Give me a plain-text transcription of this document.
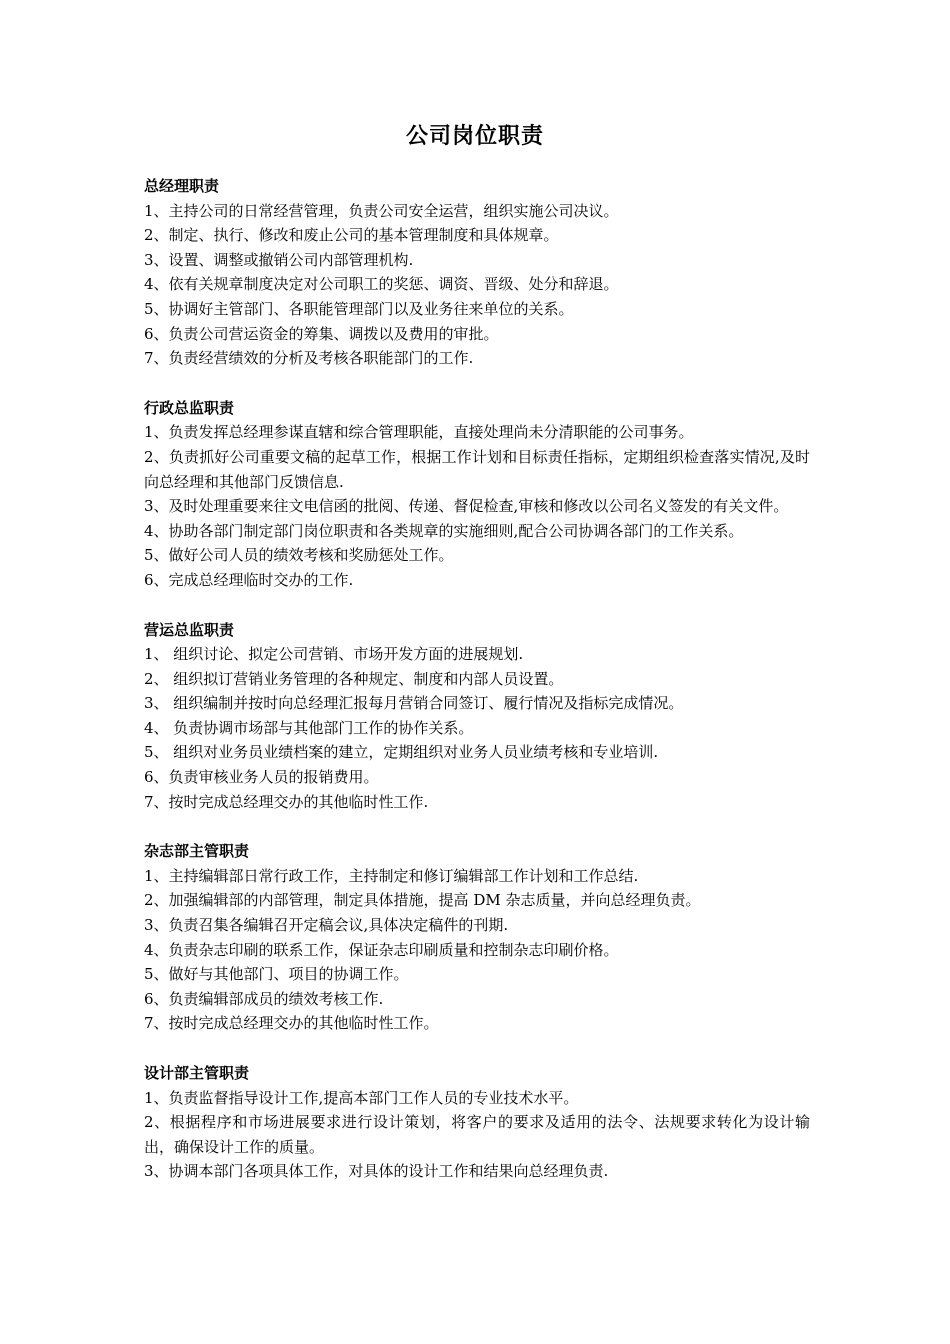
公司岗位职责

总经理职责

1、主持公司的日常经营管理，负责公司安全运营，组织实施公司决议。

2、制定、执行、修改和废止公司的基本管理制度和具体规章。

3、设置、调整或撤销公司内部管理机构.

4、依有关规章制度决定对公司职工的奖惩、调资、晋级、处分和辞退。

5、协调好主管部门、各职能管理部门以及业务往来单位的关系。

6、负责公司营运资金的筹集、调拨以及费用的审批。

7、负责经营绩效的分析及考核各职能部门的工作.

行政总监职责

1、负责发挥总经理参谋直辖和综合管理职能，直接处理尚未分清职能的公司事务。

2、负责抓好公司重要文稿的起草工作，根据工作计划和目标责任指标，定期组织检查落实情况,及时向总经理和其他部门反馈信息.

3、及时处理重要来往文电信函的批阅、传递、督促检查,审核和修改以公司名义签发的有关文件。

4、协助各部门制定部门岗位职责和各类规章的实施细则,配合公司协调各部门的工作关系。

5、做好公司人员的绩效考核和奖励惩处工作。

6、完成总经理临时交办的工作.

营运总监职责

1、 组织讨论、拟定公司营销、市场开发方面的进展规划.

2、 组织拟订营销业务管理的各种规定、制度和内部人员设置。

3、 组织编制并按时向总经理汇报每月营销合同签订、履行情况及指标完成情况。

4、 负责协调市场部与其他部门工作的协作关系。

5、 组织对业务员业绩档案的建立，定期组织对业务人员业绩考核和专业培训.

6、负责审核业务人员的报销费用。

7、按时完成总经理交办的其他临时性工作.

杂志部主管职责

1、主持编辑部日常行政工作，主持制定和修订编辑部工作计划和工作总结.

2、加强编辑部的内部管理，制定具体措施，提高 DM 杂志质量，并向总经理负责。

3、负责召集各编辑召开定稿会议,具体决定稿件的刊期.

4、负责杂志印刷的联系工作，保证杂志印刷质量和控制杂志印刷价格。

5、做好与其他部门、项目的协调工作。

6、负责编辑部成员的绩效考核工作.

7、按时完成总经理交办的其他临时性工作。

设计部主管职责

1、负责监督指导设计工作,提高本部门工作人员的专业技术水平。

2、根据程序和市场进展要求进行设计策划，将客户的要求及适用的法令、法规要求转化为设计输出，确保设计工作的质量。

3、协调本部门各项具体工作，对具体的设计工作和结果向总经理负责.
